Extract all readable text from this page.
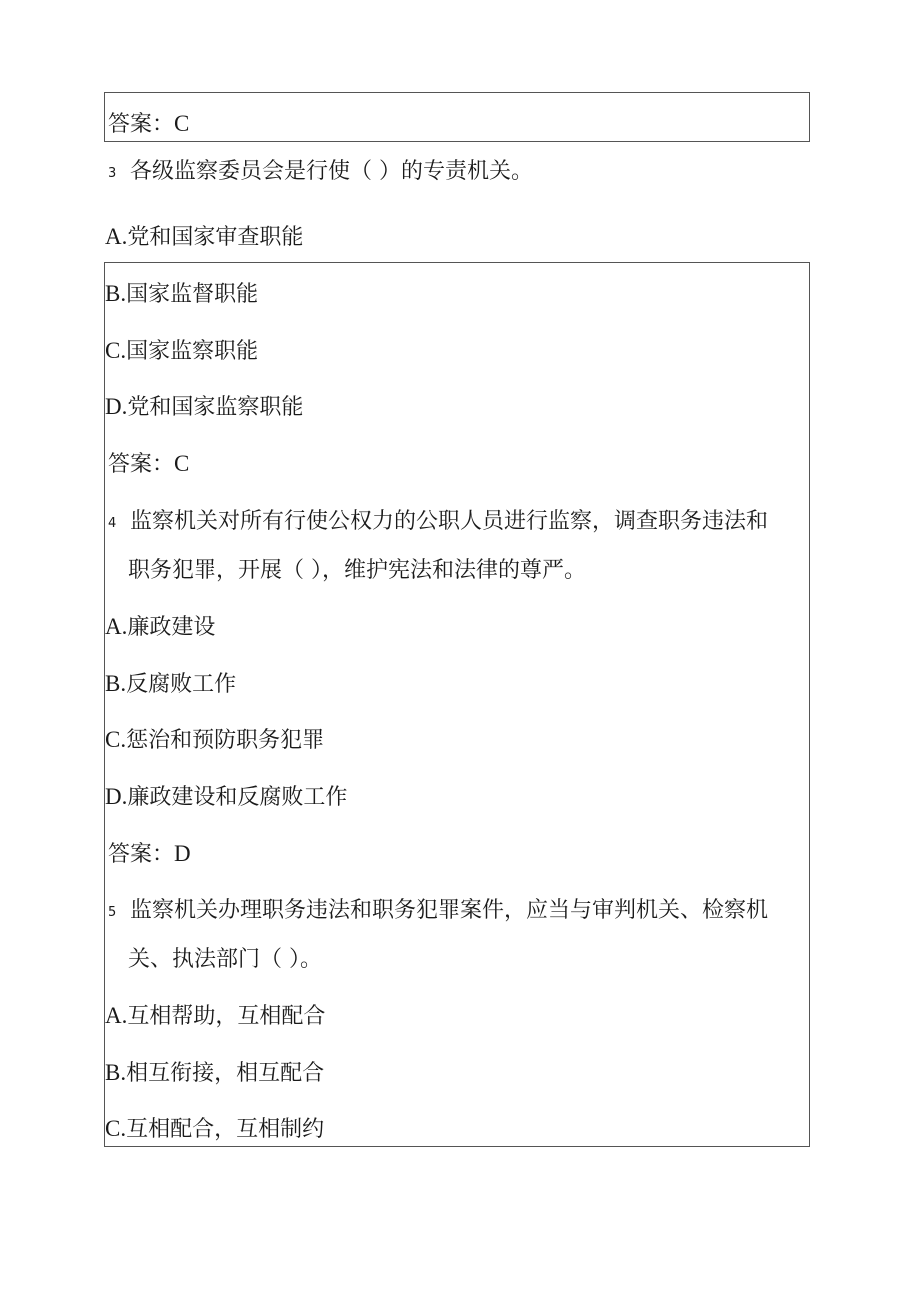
答案：C
3 各级监察委员会是行使（ ）的专责机关。
A.党和国家审查职能
B.国家监督职能
C.国家监察职能
D.党和国家监察职能
答案：C
4 监察机关对所有行使公权力的公职人员进行监察，调查职务违法和
职务犯罪，开展（ ），维护宪法和法律的尊严。
A.廉政建设
B.反腐败工作
C.惩治和预防职务犯罪
D.廉政建设和反腐败工作
答案：D
5 监察机关办理职务违法和职务犯罪案件，应当与审判机关、检察机
关、执法部门（ ）。
A.互相帮助，互相配合
B.相互衔接，相互配合
C.互相配合，互相制约
